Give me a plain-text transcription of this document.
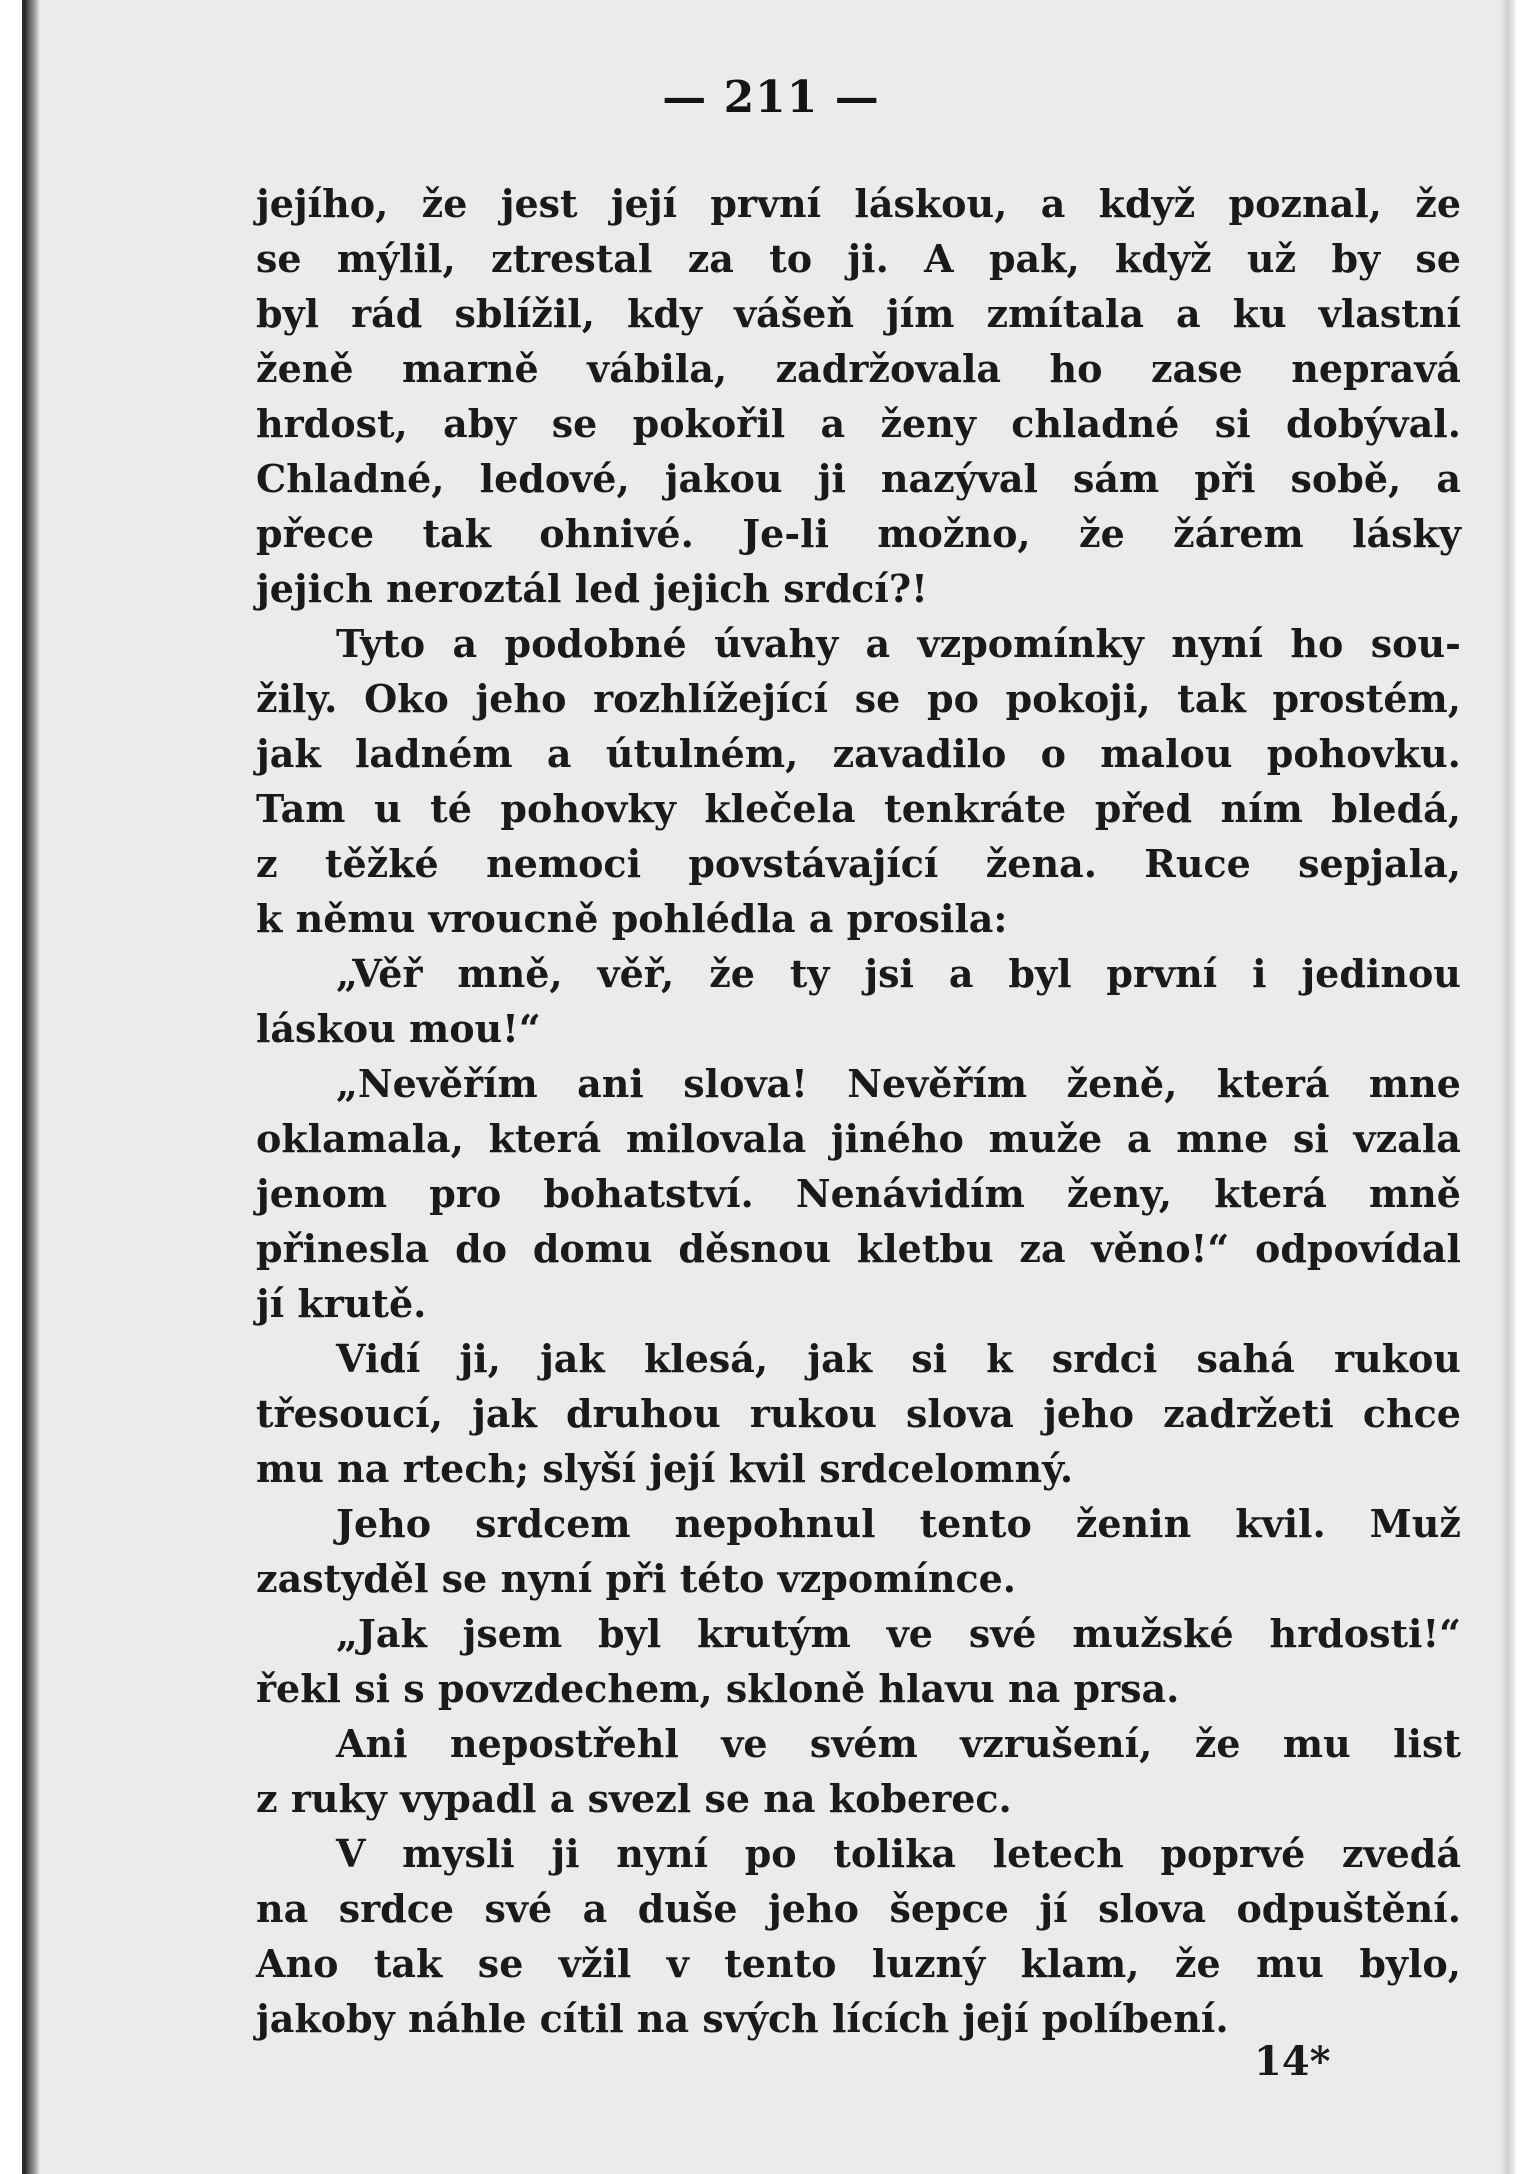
— 211 —
jejího, že jest její první láskou, a když poznal, že
se mýlil, ztrestal za to ji. A pak, když už by se
byl rád sblížil, kdy vášeň jím zmítala a ku vlastní
ženě marně vábila, zadržovala ho zase nepravá
hrdost, aby se pokořil a ženy chladné si dobýval.
Chladné, ledové, jakou ji nazýval sám při sobě, a
přece tak ohnivé. Je-li možno, že žárem lásky
jejich neroztál led jejich srdcí?!
Tyto a podobné úvahy a vzpomínky nyní ho sou-
žily. Oko jeho rozhlížející se po pokoji, tak prostém,
jak ladném a útulném, zavadilo o malou pohovku.
Tam u té pohovky klečela tenkráte před ním bledá,
z těžké nemoci povstávající žena. Ruce sepjala,
k němu vroucně pohlédla a prosila:
„Věř mně, věř, že ty jsi a byl první i jedinou
láskou mou!“
„Nevěřím ani slova! Nevěřím ženě, která mne
oklamala, která milovala jiného muže a mne si vzala
jenom pro bohatství. Nenávidím ženy, která mně
přinesla do domu děsnou kletbu za věno!“ odpovídal
jí krutě.
Vidí ji, jak klesá, jak si k srdci sahá rukou
třesoucí, jak druhou rukou slova jeho zadržeti chce
mu na rtech; slyší její kvil srdcelomný.
Jeho srdcem nepohnul tento ženin kvil. Muž
zastyděl se nyní při této vzpomínce.
„Jak jsem byl krutým ve své mužské hrdosti!“
řekl si s povzdechem, skloně hlavu na prsa.
Ani nepostřehl ve svém vzrušení, že mu list
z ruky vypadl a svezl se na koberec.
V mysli ji nyní po tolika letech poprvé zvedá
na srdce své a duše jeho šepce jí slova odpuštění.
Ano tak se vžil v tento luzný klam, že mu bylo,
jakoby náhle cítil na svých lících její políbení.
14*
